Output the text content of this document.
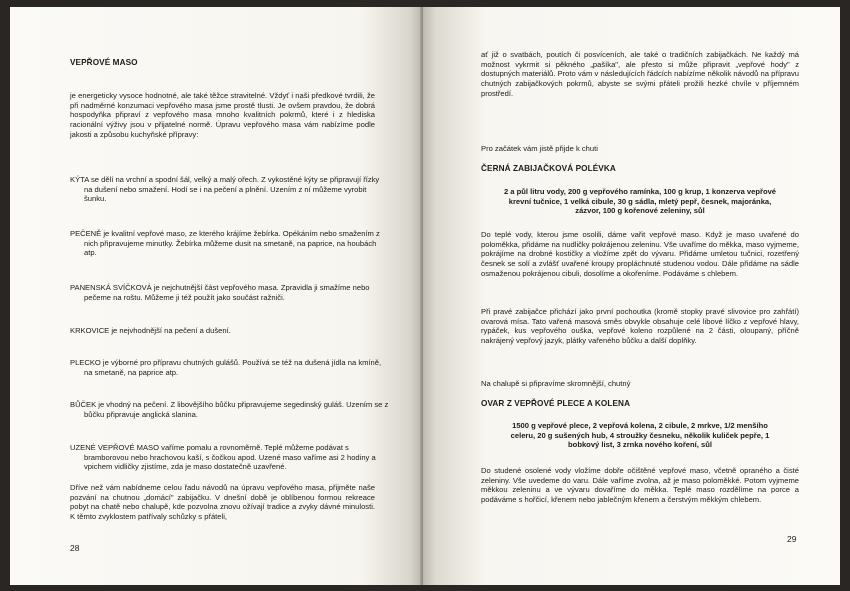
VEPŘOVÉ MASO

je energeticky vysoce hodnotné, ale také těžce stravitelné. Vždyť i naši předkové tvrdili, že při nadměrné konzumaci vepřového masa jsme prostě tlusti. Je ovšem pravdou, že dobrá hospodyňka připraví z vepřového masa mnoho kvalitních pokrmů, které i z hlediska racionální výživy jsou v přijatelné normě. Úpravu vepřového masa vám nabízíme podle jakosti a způsobu kuchyňské přípravy:

KÝTA se dělí na vrchní a spodní šál, velký a malý ořech. Z vykostěné kýty se připravují řízky na dušení nebo smažení. Hodí se i na pečení a plnění. Uzením z ní můžeme vyrobit šunku.

PEČENĚ je kvalitní vepřové maso, ze kterého krájíme žebírka. Opékáním nebo smažením z nich připravujeme minutky. Žebírka můžeme dusit na smetaně, na paprice, na houbách atp.

PANENSKÁ SVÍČKOVÁ je nejchutnější část vepřového masa. Zpravidla ji smažíme nebo pečeme na roštu. Můžeme ji též použít jako součást ražniči.

KRKOVICE je nejvhodnější na pečení a dušení.

PLECKO je výborné pro přípravu chutných gulášů. Používá se též na dušená jídla na kmíně, na smetaně, na paprice atp.

BŮČEK je vhodný na pečení. Z libovějšího bůčku připravujeme segedinský guláš. Uzením se z bůčku připravuje anglická slanina.

UZENÉ VEPŘOVÉ MASO vaříme pomalu a rovnoměrně. Teplé můžeme podávat s bramborovou nebo hrachovou kaší, s čočkou apod. Uzené maso vaříme asi 2 hodiny a vpichem vidličky zjistíme, zda je maso dostatečně uzavřené.

Dříve než vám nabídneme celou řadu návodů na úpravu vepřového masa, přijměte naše pozvání na chutnou „domácí" zabijačku. V dnešní době je oblíbenou formou rekreace pobyt na chatě nebo chalupě, kde pozvolna znovu ožívají tradice a zvyky dávné minulosti. K těmto zvyklostem patřívaly schůzky s přáteli,

28

ať již o svatbách, poutích či posvíceních, ale také o tradičních zabijačkách. Ne každý má možnost vykrmit si pěkného „pašíka", ale přesto si může připravit „vepřové hody" z dostupných materiálů. Proto vám v následujících řádcích nabízíme několik návodů na přípravu chutných zabijačkových pokrmů, abyste se svými přáteli prožili hezké chvíle v příjemném prostředí.

Pro začátek vám jistě přijde k chuti

ČERNÁ ZABIJAČKOVÁ POLÉVKA

2 a půl litru vody, 200 g vepřového ramínka, 100 g krup, 1 konzerva vepřové krevní tučnice, 1 velká cibule, 30 g sádla, mletý pepř, česnek, majoránka, zázvor, 100 g kořenové zeleniny, sůl

Do teplé vody, kterou jsme osolili, dáme vařit vepřové maso. Když je maso uvařené do poloměkka, přidáme na nudličky pokrájenou zeleninu. Vše uvaříme do měkka, maso vyjmeme, pokrájíme na drobné kostičky a vložíme zpět do vývaru. Přidáme umletou tučnici, rozetřený česnek se solí a zvlášť uvařené kroupy propláchnuté studenou vodou. Dále přidáme na sádle osmaženou pokrájenou cibuli, dosolíme a okořeníme. Podáváme s chlebem.

Při pravé zabijačce přichází jako první pochoutka (kromě stopky pravé slivovice pro zahřátí) ovarová mísa. Tato vařená masová směs obvykle obsahuje celé libové líčko z vepřové hlavy, rypáček, kus vepřového ouška, vepřové koleno rozpůlené na 2 části, oloupaný, příčně nakrájený vepřový jazyk, plátky vařeného bůčku a další doplňky.

Na chalupě si připravíme skromnější, chutný

OVAR Z VEPŘOVÉ PLECE A KOLENA

1500 g vepřové plece, 2 vepřová kolena, 2 cibule, 2 mrkve, 1/2 menšího celeru, 20 g sušených hub, 4 stroužky česneku, několik kuliček pepře, 1 bobkový list, 3 zrnka nového koření, sůl

Do studené osolené vody vložíme dobře očištěné vepřové maso, včetně opraného a čisté zeleniny. Vše uvedeme do varu. Dále vaříme zvolna, až je maso poloměkké. Potom vyjmeme měkkou zeleninu a ve vývaru dovaříme do měkka. Teplé maso rozdělíme na porce a podáváme s hořčicí, křenem nebo jablečným křenem a čerstvým měkkým chlebem.

29
